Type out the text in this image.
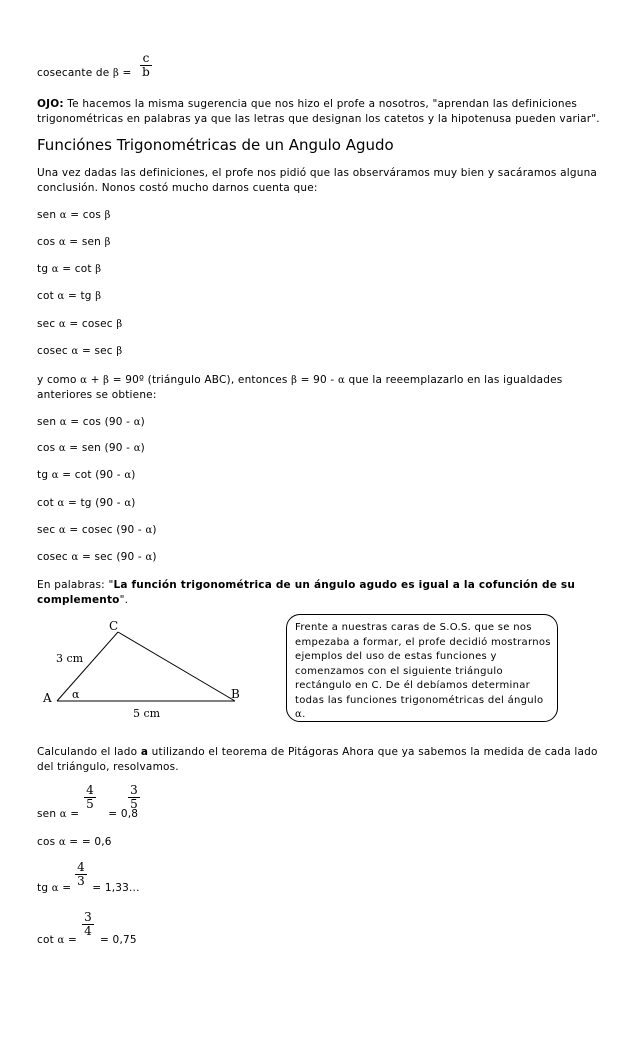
cosecante de β =
c
b

OJO: Te hacemos la misma sugerencia que nos hizo el profe a nosotros, "aprendan las definiciones trigonométricas en palabras ya que las letras que designan los catetos y la hipotenusa pueden variar".

Funciónes Trigonométricas de un Angulo Agudo

Una vez dadas las definiciones, el profe nos pidió que las observáramos muy bien y sacáramos alguna conclusión. Nonos costó mucho darnos cuenta que:

sen α = cos β
cos α = sen β
tg α = cot β
cot α = tg β
sec α = cosec β
cosec α = sec β

y como α + β = 90º (triángulo ABC), entonces β = 90 - α que la reeemplazarlo en las igualdades anteriores se obtiene:

sen α = cos (90 - α)
cos α = sen (90 - α)
tg α = cot (90 - α)
cot α = tg (90 - α)
sec α = cosec (90 - α)
cosec α = sec (90 - α)

En palabras: "La función trigonométrica de un ángulo agudo es igual a la cofunción de su complemento".

C
A	B
α
3 cm
5 cm
Frente a nuestras caras de S.O.S. que se nos empezaba a formar, el profe decidió mostrarnos ejemplos del uso de estas funciones y comenzamos con el siguiente triángulo rectángulo en C. De él debíamos determinar todas las funciones trigonométricas del ángulo α.

Calculando el lado a utilizando el teorema de Pitágoras Ahora que ya sabemos la medida de cada lado del triángulo, resolvamos.

4
5
3
5
sen α =  = 0,8
cos α = = 0,6
4
3
tg α =  = 1,33...
3
4
cot α =  = 0,75
